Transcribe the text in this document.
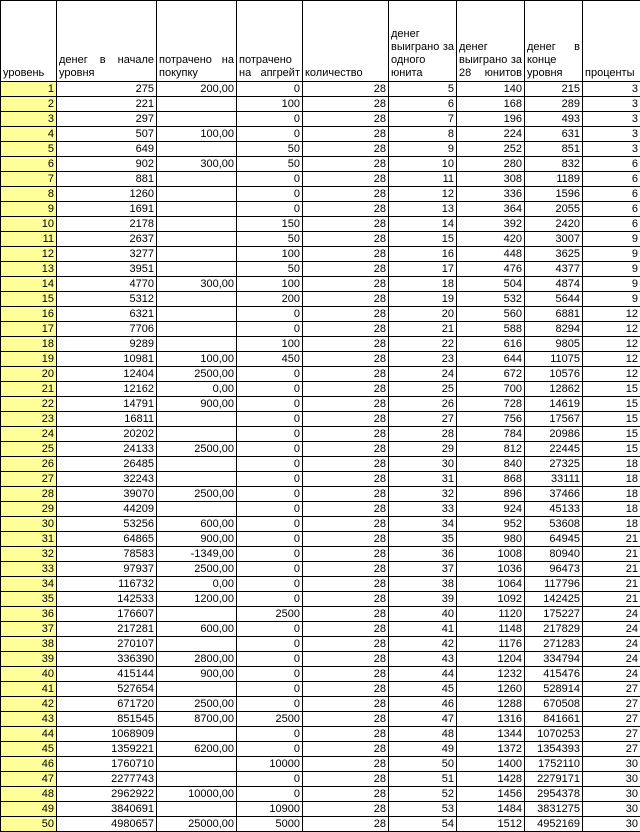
уровень	денег в начале уровня	потрачено на покупку	потрачено на апгрейт	количество	денег выиграно за одного юнита	денег выиграно за 28 юнитов	денег в конце уровня	проценты
1	275	200,00	0	28	5	140	215	3
2	221		100	28	6	168	289	3
3	297		0	28	7	196	493	3
4	507	100,00	0	28	8	224	631	3
5	649		50	28	9	252	851	3
6	902	300,00	50	28	10	280	832	6
7	881		0	28	11	308	1189	6
8	1260		0	28	12	336	1596	6
9	1691		0	28	13	364	2055	6
10	2178		150	28	14	392	2420	6
11	2637		50	28	15	420	3007	9
12	3277		100	28	16	448	3625	9
13	3951		50	28	17	476	4377	9
14	4770	300,00	100	28	18	504	4874	9
15	5312		200	28	19	532	5644	9
16	6321		0	28	20	560	6881	12
17	7706		0	28	21	588	8294	12
18	9289		100	28	22	616	9805	12
19	10981	100,00	450	28	23	644	11075	12
20	12404	2500,00	0	28	24	672	10576	12
21	12162	0,00	0	28	25	700	12862	15
22	14791	900,00	0	28	26	728	14619	15
23	16811		0	28	27	756	17567	15
24	20202		0	28	28	784	20986	15
25	24133	2500,00	0	28	29	812	22445	15
26	26485		0	28	30	840	27325	18
27	32243		0	28	31	868	33111	18
28	39070	2500,00	0	28	32	896	37466	18
29	44209		0	28	33	924	45133	18
30	53256	600,00	0	28	34	952	53608	18
31	64865	900,00	0	28	35	980	64945	21
32	78583	-1349,00	0	28	36	1008	80940	21
33	97937	2500,00	0	28	37	1036	96473	21
34	116732	0,00	0	28	38	1064	117796	21
35	142533	1200,00	0	28	39	1092	142425	21
36	176607		2500	28	40	1120	175227	24
37	217281	600,00	0	28	41	1148	217829	24
38	270107		0	28	42	1176	271283	24
39	336390	2800,00	0	28	43	1204	334794	24
40	415144	900,00	0	28	44	1232	415476	24
41	527654		0	28	45	1260	528914	27
42	671720	2500,00	0	28	46	1288	670508	27
43	851545	8700,00	2500	28	47	1316	841661	27
44	1068909		0	28	48	1344	1070253	27
45	1359221	6200,00	0	28	49	1372	1354393	27
46	1760710		10000	28	50	1400	1752110	30
47	2277743		0	28	51	1428	2279171	30
48	2962922	10000,00	0	28	52	1456	2954378	30
49	3840691		10900	28	53	1484	3831275	30
50	4980657	25000,00	5000	28	54	1512	4952169	30
